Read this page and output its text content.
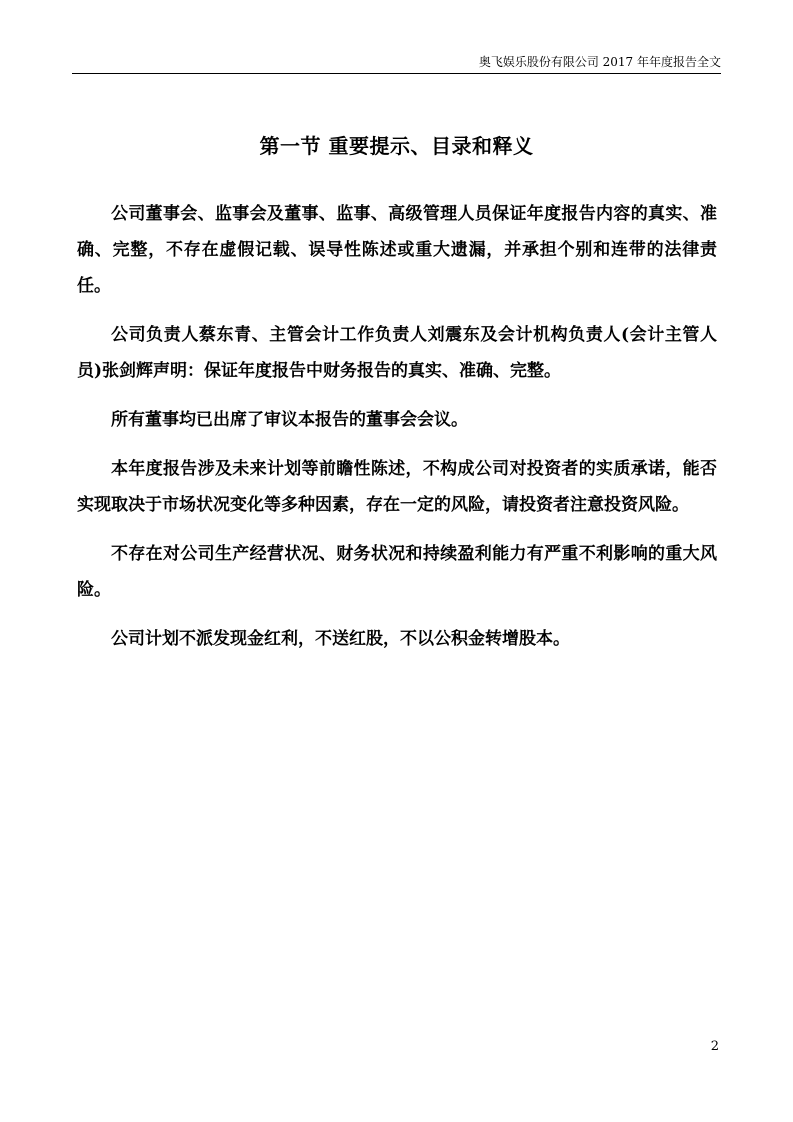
奥飞娱乐股份有限公司 2017 年年度报告全文
第一节 重要提示、目录和释义

公司董事会、监事会及董事、监事、高级管理人员保证年度报告内容的真实、准确、完整，不存在虚假记载、误导性陈述或重大遗漏，并承担个别和连带的法律责任。

公司负责人蔡东青、主管会计工作负责人刘震东及会计机构负责人(会计主管人员)张剑辉声明：保证年度报告中财务报告的真实、准确、完整。

所有董事均已出席了审议本报告的董事会会议。

本年度报告涉及未来计划等前瞻性陈述，不构成公司对投资者的实质承诺，能否实现取决于市场状况变化等多种因素，存在一定的风险，请投资者注意投资风险。

不存在对公司生产经营状况、财务状况和持续盈利能力有严重不利影响的重大风险。

公司计划不派发现金红利，不送红股，不以公积金转增股本。

2
